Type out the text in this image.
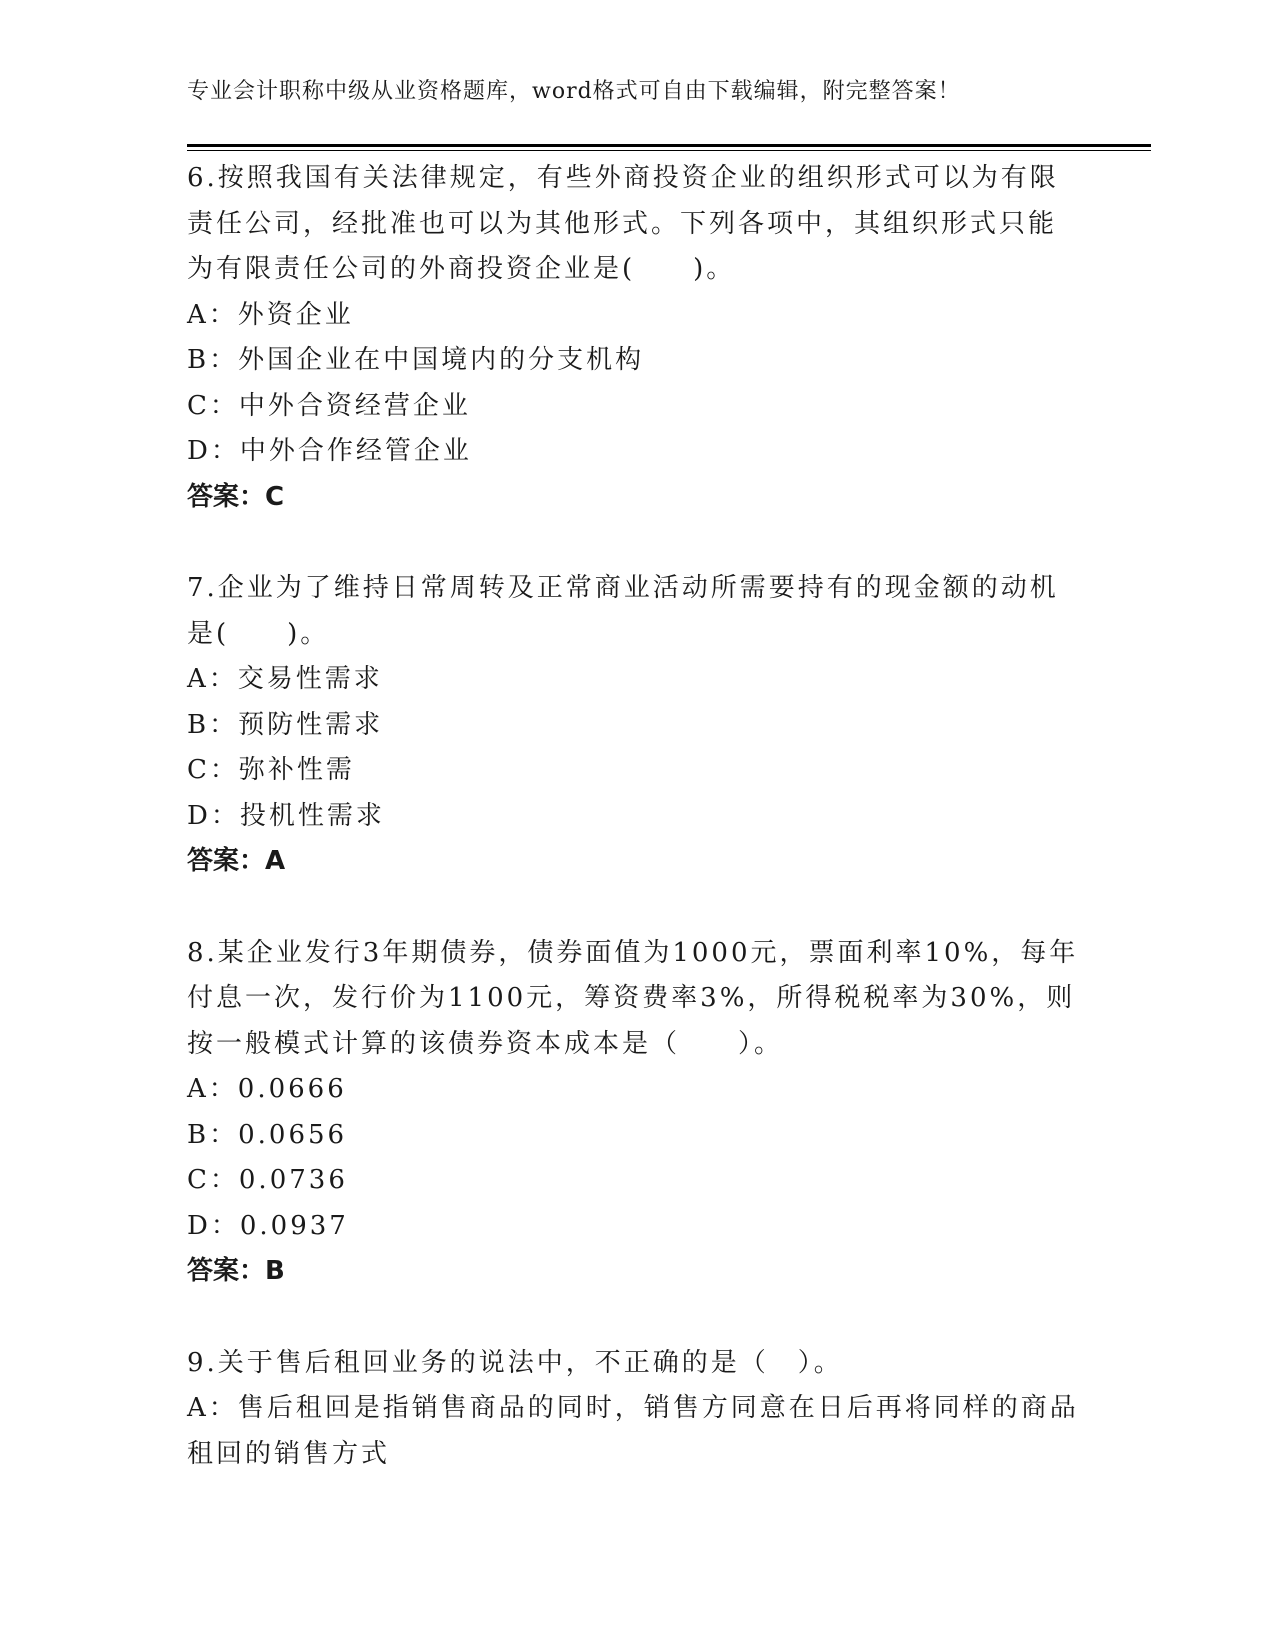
专业会计职称中级从业资格题库，word格式可自由下载编辑，附完整答案！
6.按照我国有关法律规定，有些外商投资企业的组织形式可以为有限
责任公司，经批准也可以为其他形式。下列各项中，其组织形式只能
为有限责任公司的外商投资企业是(　　)。
A：外资企业
B：外国企业在中国境内的分支机构
C：中外合资经营企业
D：中外合作经管企业
答案：C
7.企业为了维持日常周转及正常商业活动所需要持有的现金额的动机
是(　　)。
A：交易性需求
B：预防性需求
C：弥补性需
D：投机性需求
答案：A
8.某企业发行3年期债券，债券面值为1000元，票面利率10%，每年
付息一次，发行价为1100元，筹资费率3%，所得税税率为30%，则
按一般模式计算的该债券资本成本是（　　）。
A：0.0666
B：0.0656
C：0.0736
D：0.0937
答案：B
9.关于售后租回业务的说法中，不正确的是（　）。
A：售后租回是指销售商品的同时，销售方同意在日后再将同样的商品
租回的销售方式
